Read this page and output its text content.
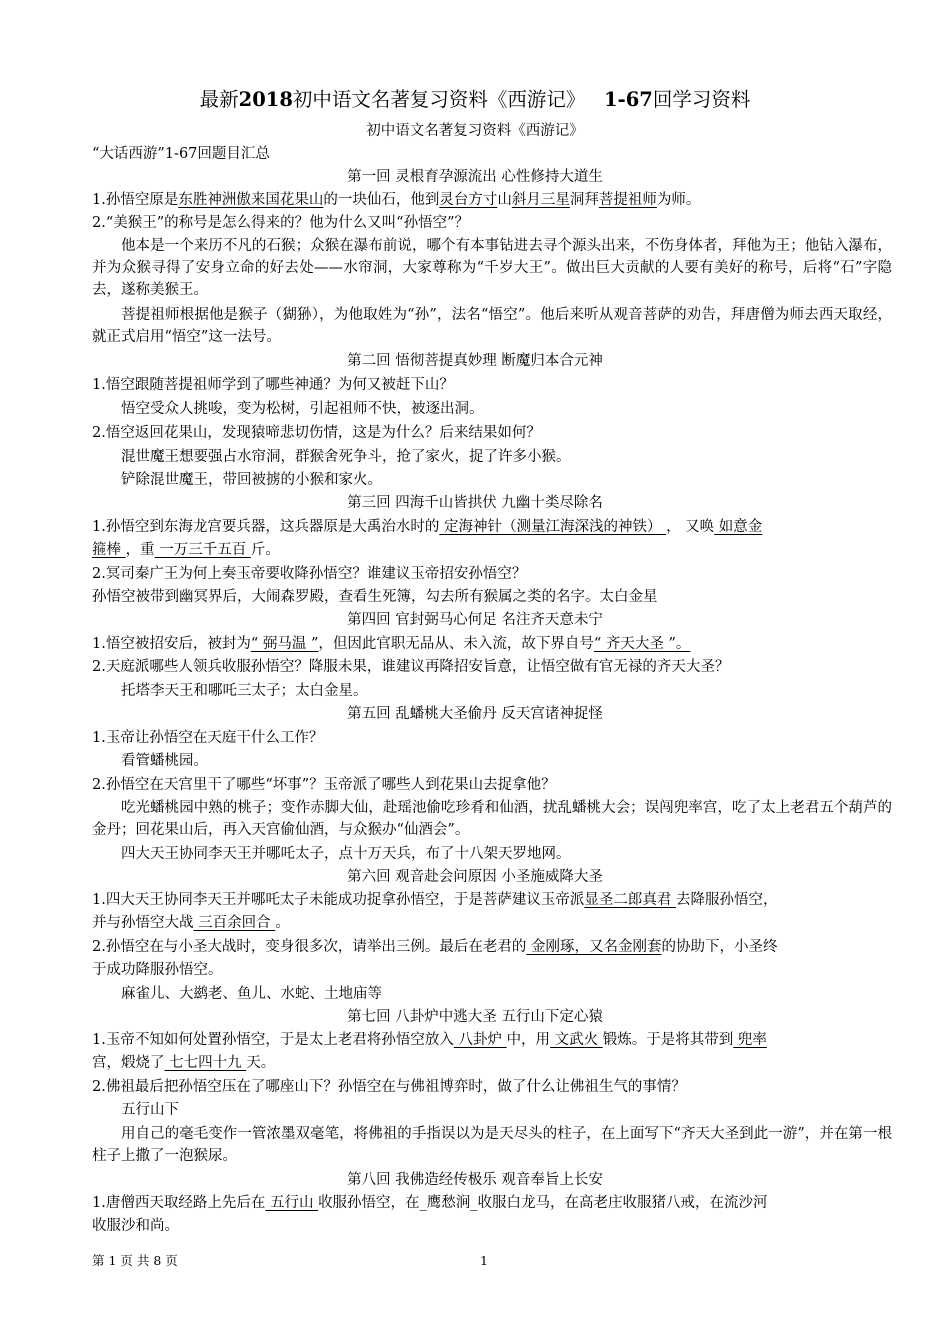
最新2018初中语文名著复习资料《西游记》 1-67回学习资料
初中语文名著复习资料《西游记》
“大话西游”1-67回题目汇总
第一回 灵根育孕源流出 心性修持大道生
1.孙悟空原是东胜神洲傲来国花果山的一块仙石，他到灵台方寸山斜月三星洞拜菩提祖师为师。
2.“美猴王”的称号是怎么得来的？他为什么又叫“孙悟空”？
他本是一个来历不凡的石猴；众猴在瀑布前说，哪个有本事钻进去寻个源头出来，不伤身体者，拜他为王；他钻入瀑布，并为众猴寻得了安身立命的好去处——水帘洞，大家尊称为“千岁大王”。做出巨大贡献的人要有美好的称号，后将“石”字隐去，遂称美猴王。
菩提祖师根据他是猴子（猢狲），为他取姓为“孙”，法名“悟空”。他后来听从观音菩萨的劝告，拜唐僧为师去西天取经，就正式启用“悟空”这一法号。
第二回 悟彻菩提真妙理 断魔归本合元神
1.悟空跟随菩提祖师学到了哪些神通？为何又被赶下山？
悟空受众人挑唆，变为松树，引起祖师不快，被逐出洞。
2.悟空返回花果山，发现猿啼悲切伤情，这是为什么？后来结果如何？
混世魔王想要强占水帘洞，群猴舍死争斗，抢了家火，捉了许多小猴。
铲除混世魔王，带回被掳的小猴和家火。
第三回 四海千山皆拱伏 九幽十类尽除名
1.孙悟空到东海龙宫要兵器，这兵器原是大禹治水时的 定海神针（测量江海深浅的神铁） ， 又唤 如意金
箍棒 ，重 一万三千五百 斤。
2.冥司秦广王为何上奏玉帝要收降孙悟空？谁建议玉帝招安孙悟空？
孙悟空被带到幽冥界后，大闹森罗殿，查看生死簿，勾去所有猴属之类的名字。太白金星
第四回 官封弼马心何足 名注齐天意未宁
1.悟空被招安后，被封为“ 弼马温 ”，但因此官职无品从、未入流，故下界自号“ 齐天大圣 ”。
2.天庭派哪些人领兵收服孙悟空？降服未果，谁建议再降招安旨意，让悟空做有官无禄的齐天大圣？
托塔李天王和哪吒三太子；太白金星。
第五回 乱蟠桃大圣偷丹 反天宫诸神捉怪
1.玉帝让孙悟空在天庭干什么工作？
看管蟠桃园。
2.孙悟空在天宫里干了哪些“坏事”？玉帝派了哪些人到花果山去捉拿他？
吃光蟠桃园中熟的桃子；变作赤脚大仙，赴瑶池偷吃珍肴和仙酒，扰乱蟠桃大会；误闯兜率宫，吃了太上老君五个葫芦的金丹；回花果山后，再入天宫偷仙酒，与众猴办“仙酒会”。
四大天王协同李天王并哪吒太子，点十万天兵，布了十八架天罗地网。
第六回 观音赴会问原因 小圣施威降大圣
1.四大天王协同李天王并哪吒太子未能成功捉拿孙悟空，于是菩萨建议玉帝派显圣二郎真君 去降服孙悟空，
并与孙悟空大战 三百余回合 。
2.孙悟空在与小圣大战时，变身很多次，请举出三例。最后在老君的 金刚琢，又名金刚套的协助下，小圣终
于成功降服孙悟空。
麻雀儿、大鹚老、鱼儿、水蛇、土地庙等
第七回 八卦炉中逃大圣 五行山下定心猿
1.玉帝不知如何处置孙悟空，于是太上老君将孙悟空放入 八卦炉 中，用 文武火 锻炼。于是将其带到 兜率
宫，煅烧了 七七四十九 天。
2.佛祖最后把孙悟空压在了哪座山下？孙悟空在与佛祖博弈时，做了什么让佛祖生气的事情？
五行山下
用自己的毫毛变作一管浓墨双毫笔，将佛祖的手指误以为是天尽头的柱子，在上面写下“齐天大圣到此一游”，并在第一根柱子上撒了一泡猴尿。
第八回 我佛造经传极乐 观音奉旨上长安
1.唐僧西天取经路上先后在 五行山 收服孙悟空，在_鹰愁涧_收服白龙马，在高老庄收服猪八戒，在流沙河
收服沙和尚。
第 1 页 共 8 页	1
